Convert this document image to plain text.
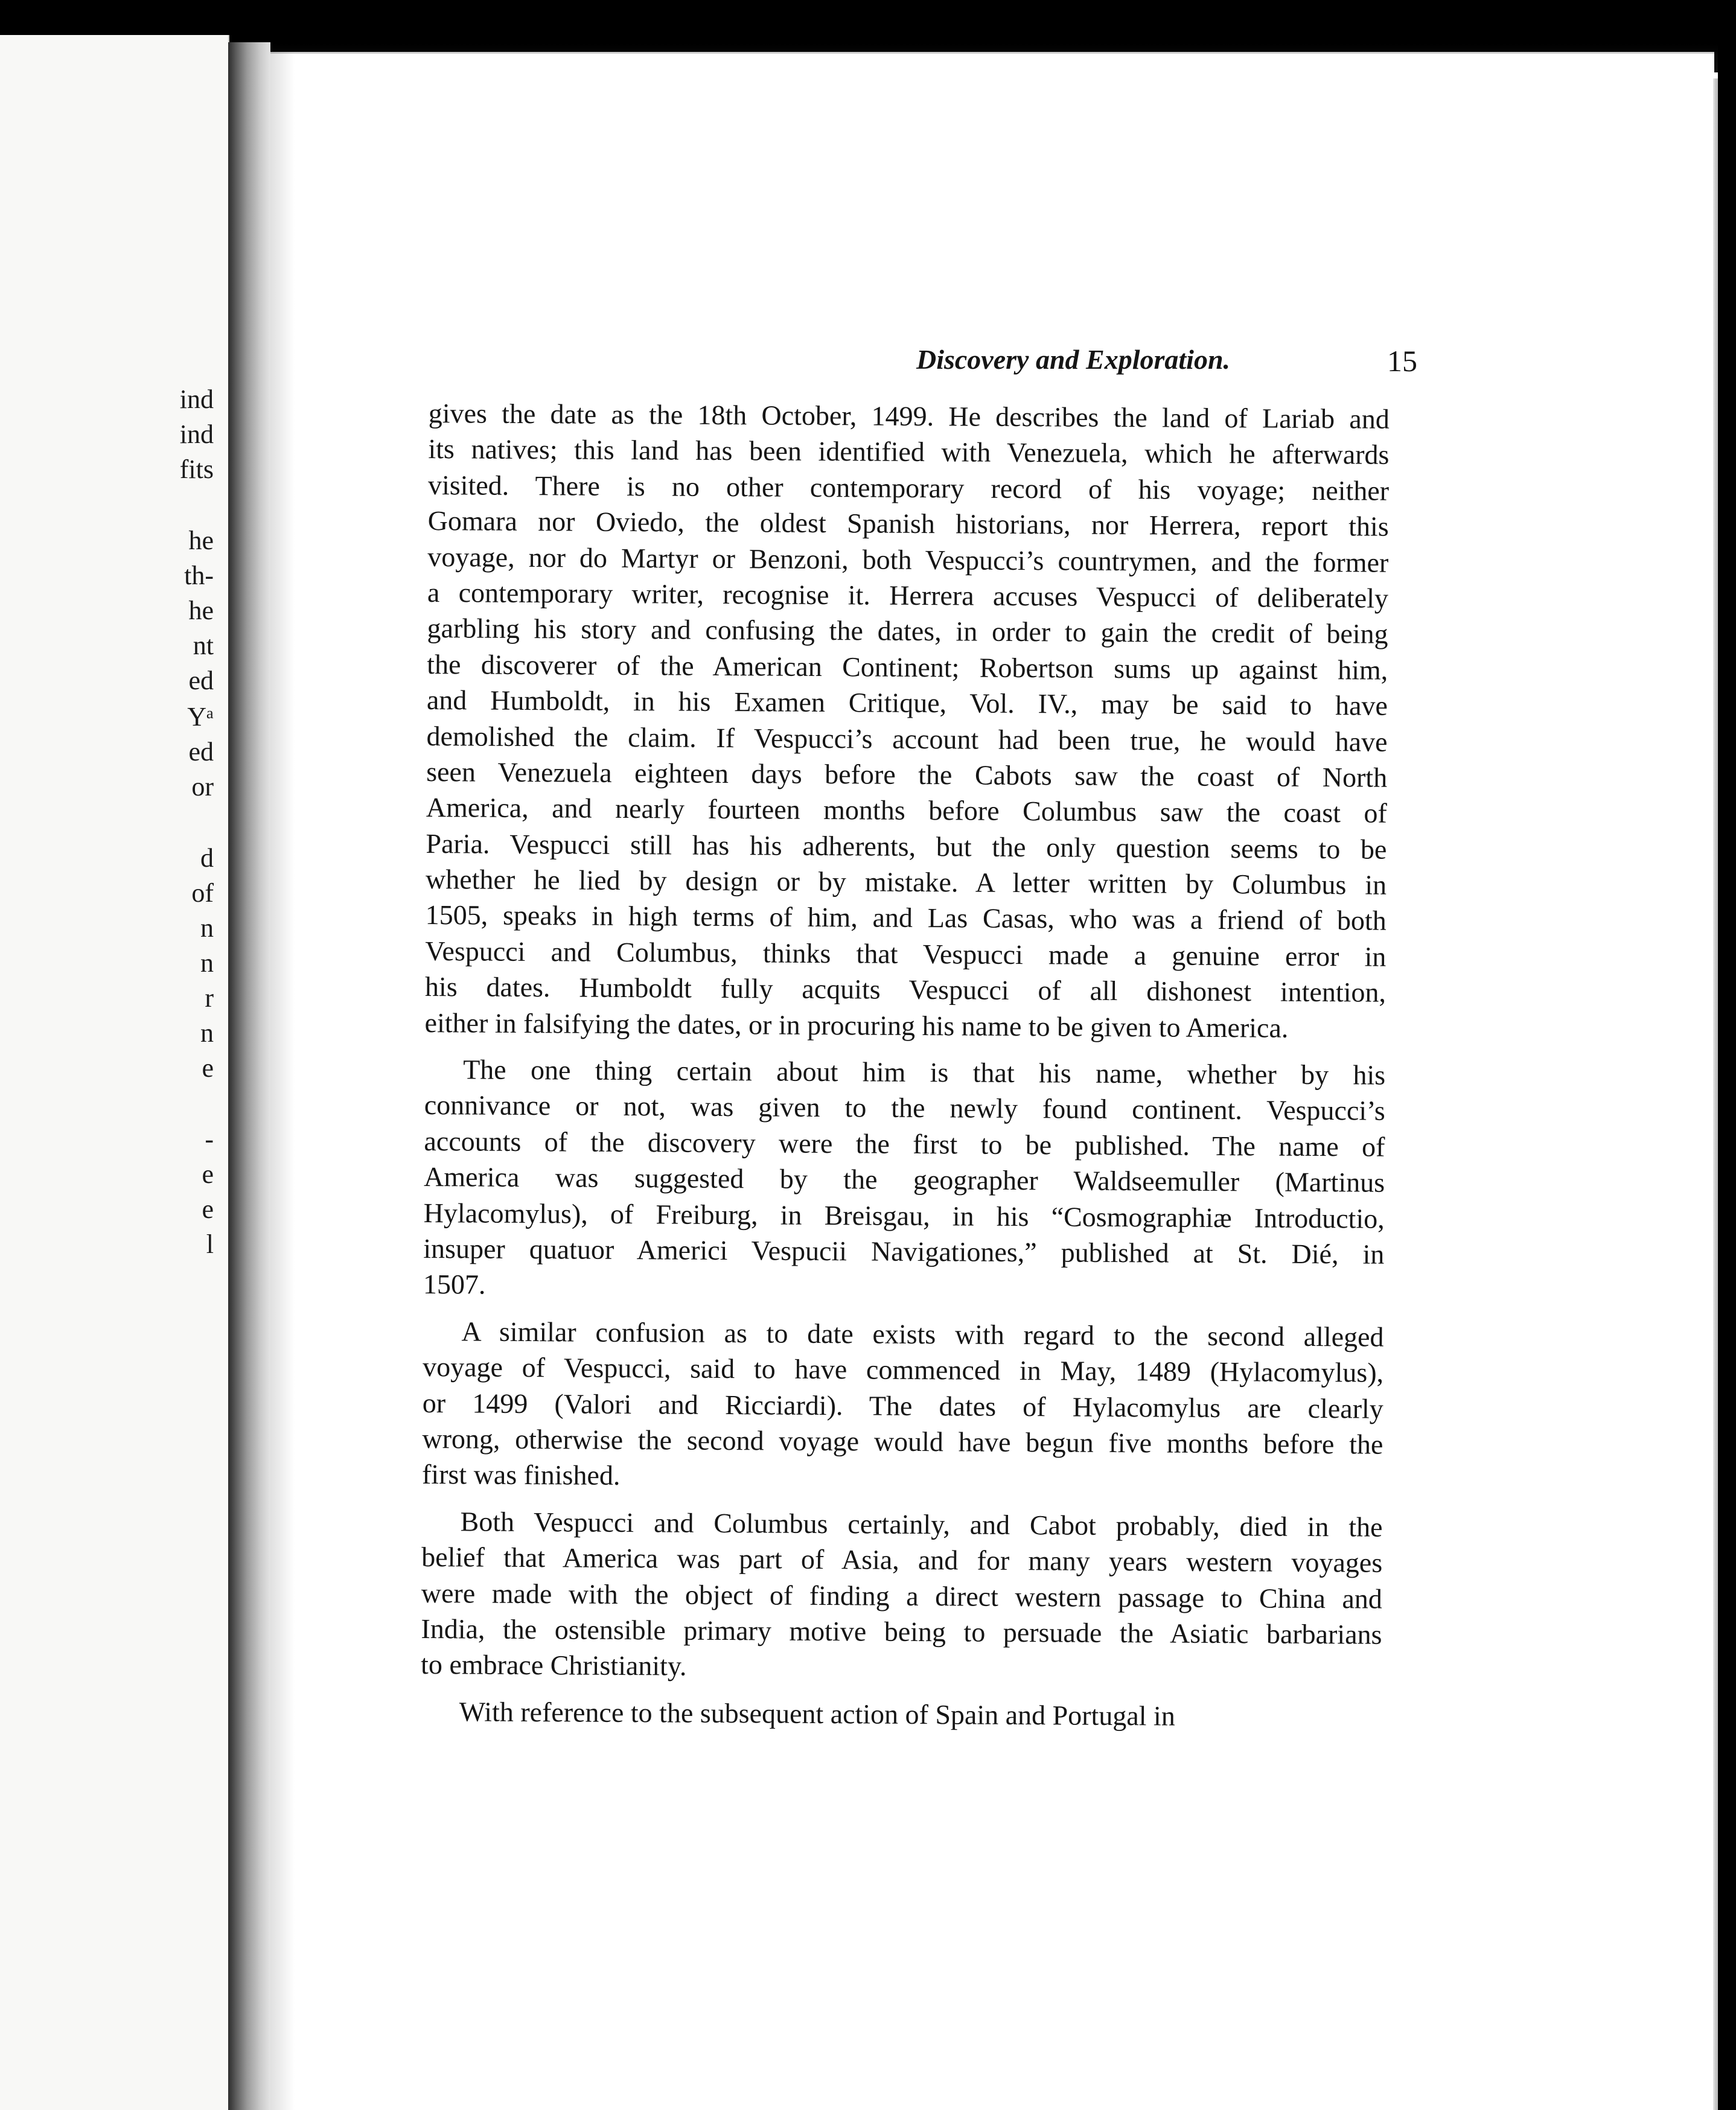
ind
ind
fits
he
th-
he
nt
ed
Yᵃ
ed
or
d
of
n
n
r
n
e
-
e
e
l
Discovery and Exploration.	15
gives the date as the 18th October, 1499. He describes the land of Lariab and
its natives; this land has been identified with Venezuela, which he afterwards
visited. There is no other contemporary record of his voyage; neither
Gomara nor Oviedo, the oldest Spanish historians, nor Herrera, report this
voyage, nor do Martyr or Benzoni, both Vespucci’s countrymen, and the former
a contemporary writer, recognise it. Herrera accuses Vespucci of deliberately
garbling his story and confusing the dates, in order to gain the credit of being
the discoverer of the American Continent; Robertson sums up against him,
and Humboldt, in his Examen Critique, Vol. IV., may be said to have
demolished the claim. If Vespucci’s account had been true, he would have
seen Venezuela eighteen days before the Cabots saw the coast of North
America, and nearly fourteen months before Columbus saw the coast of
Paria. Vespucci still has his adherents, but the only question seems to be
whether he lied by design or by mistake. A letter written by Columbus in
1505, speaks in high terms of him, and Las Casas, who was a friend of both
Vespucci and Columbus, thinks that Vespucci made a genuine error in
his dates. Humboldt fully acquits Vespucci of all dishonest intention,
either in falsifying the dates, or in procuring his name to be given to America.
The one thing certain about him is that his name, whether by his
connivance or not, was given to the newly found continent. Vespucci’s
accounts of the discovery were the first to be published. The name of
America was suggested by the geographer Waldseemuller (Martinus
Hylacomylus), of Freiburg, in Breisgau, in his “Cosmographiæ Introductio,
insuper quatuor Americi Vespucii Navigationes,” published at St. Dié, in
1507.
A similar confusion as to date exists with regard to the second alleged
voyage of Vespucci, said to have commenced in May, 1489 (Hylacomylus),
or 1499 (Valori and Ricciardi). The dates of Hylacomylus are clearly
wrong, otherwise the second voyage would have begun five months before the
first was finished.
Both Vespucci and Columbus certainly, and Cabot probably, died in the
belief that America was part of Asia, and for many years western voyages
were made with the object of finding a direct western passage to China and
India, the ostensible primary motive being to persuade the Asiatic barbarians
to embrace Christianity.
With reference to the subsequent action of Spain and Portugal in
